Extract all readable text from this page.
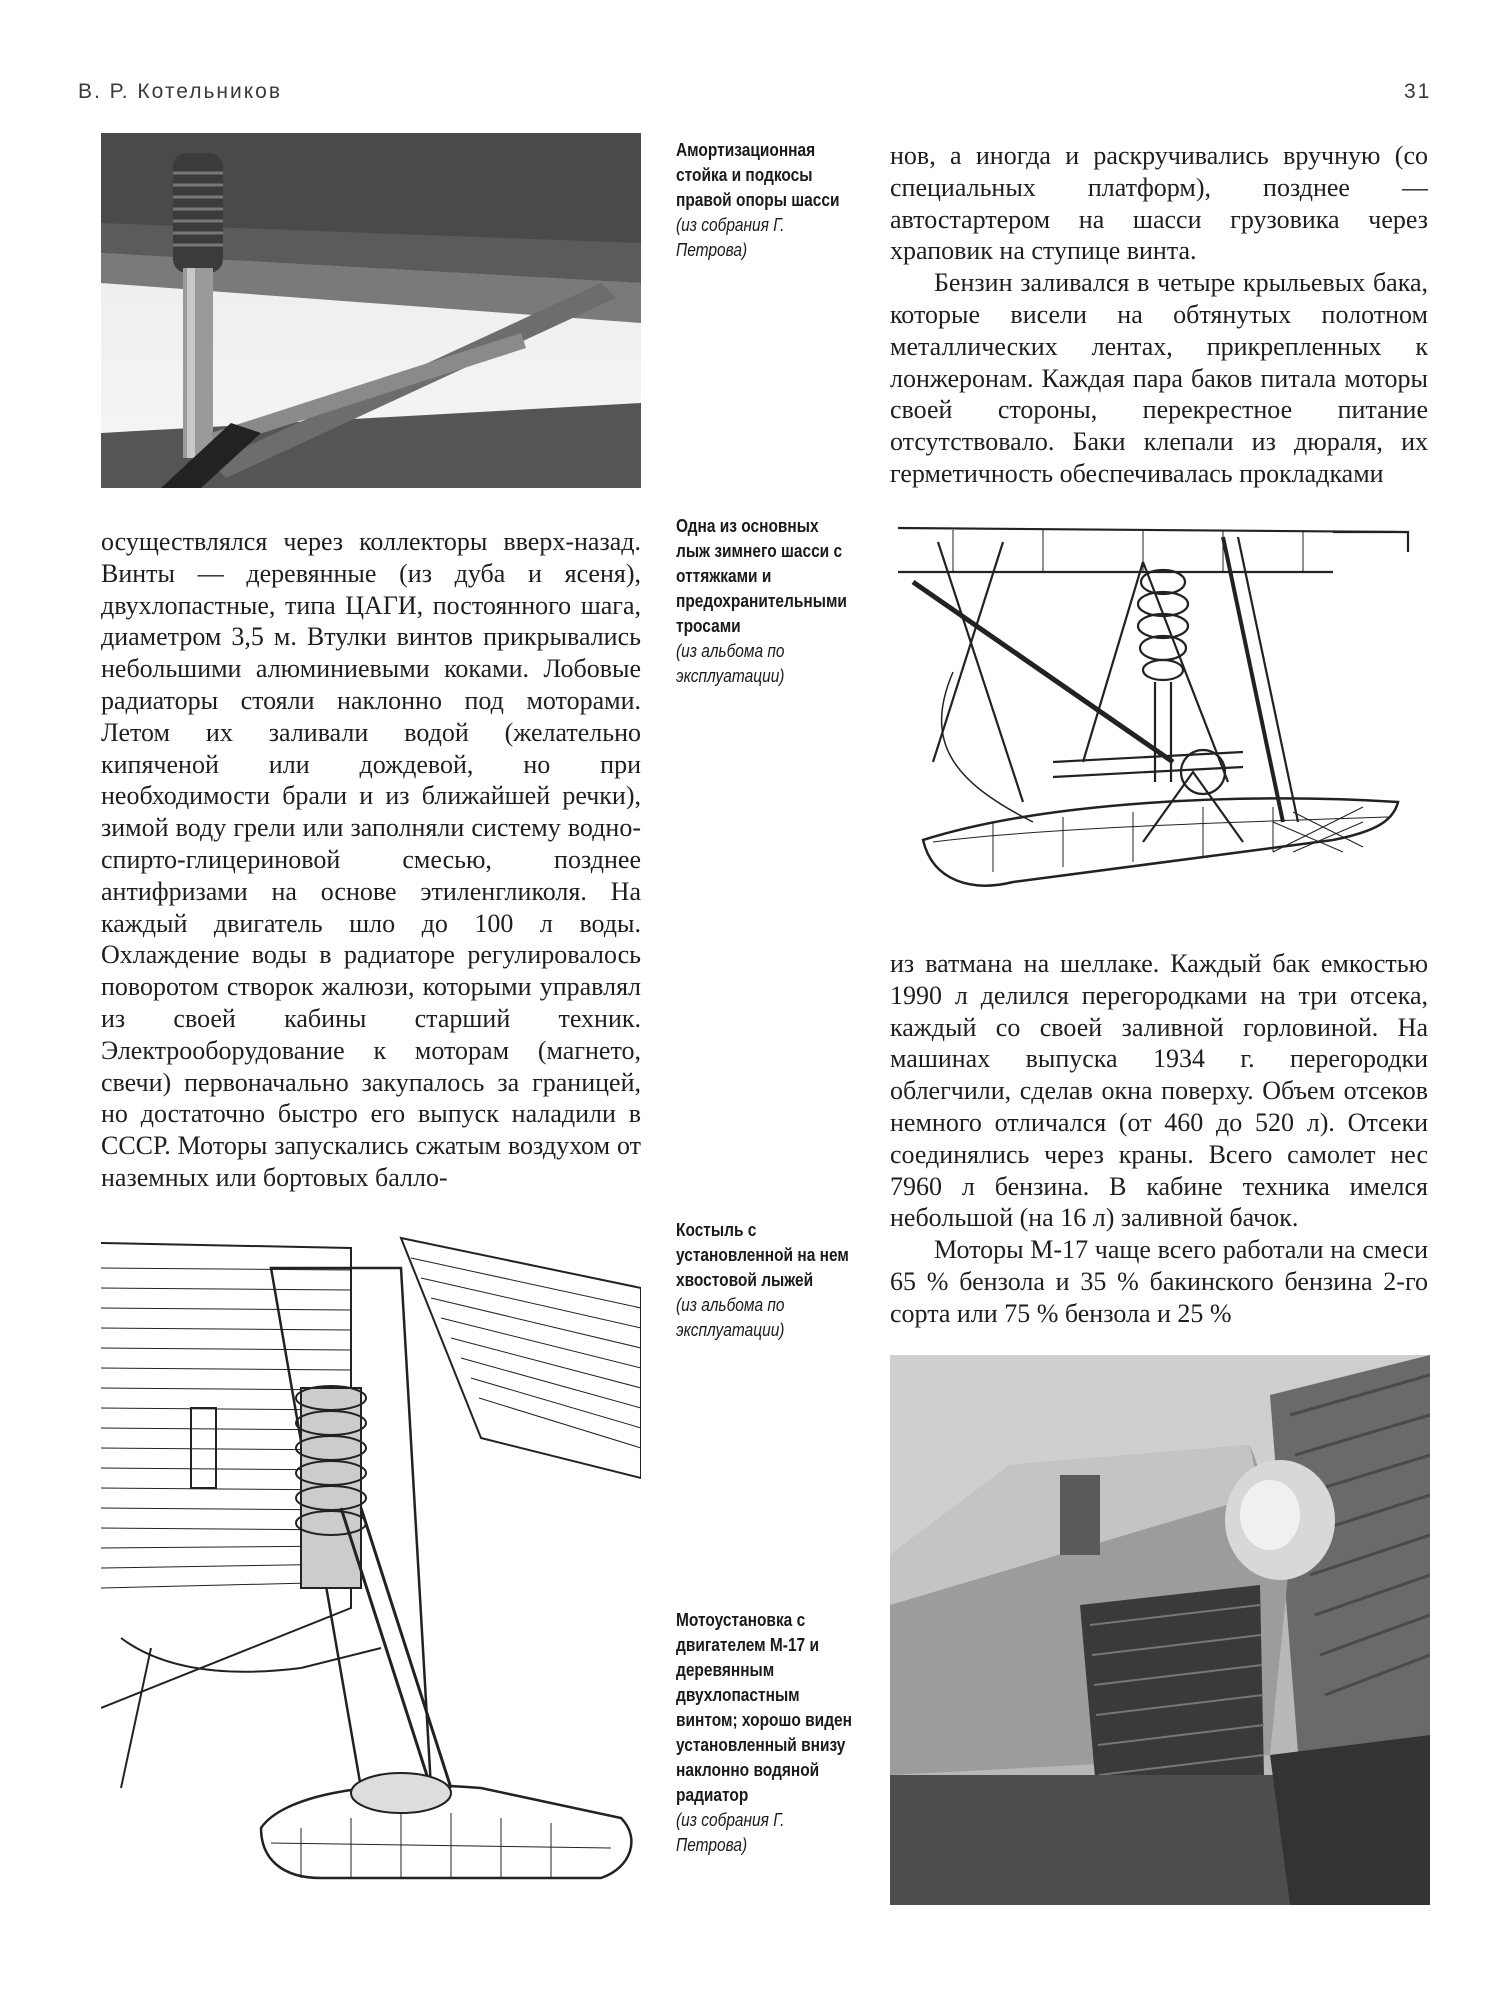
В. Р. Котельников	31
Амортизационная стойка и подкосы правой опоры шасси
(из собрания Г. Петрова)

нов, а иногда и раскручивались вручную (со специальных платформ), позднее — автостартером на шасси грузовика через храповик на ступице винта.

Бензин заливался в четыре крыльевых бака, которые висели на обтянутых полотном металлических лентах, прикрепленных к лонжеронам. Каждая пара баков питала моторы своей стороны, перекрестное питание отсутствовало. Баки клепали из дюраля, их герметичность обеспечивалась прокладками

Одна из основных лыж зимнего шасси с оттяжками и предохранительными тросами
(из альбома по эксплуатации)

осуществлялся через коллекторы вверх-назад. Винты — деревянные (из дуба и ясеня), двухлопастные, типа ЦАГИ, постоянного шага, диаметром 3,5 м. Втулки винтов прикрывались небольшими алюминиевыми коками. Лобовые радиаторы стояли наклонно под моторами. Летом их заливали водой (желательно кипяченой или дождевой, но при необходимости брали и из ближайшей речки), зимой воду грели или заполняли систему водно-спирто-глицериновой смесью, позднее антифризами на основе этиленгликоля. На каждый двигатель шло до 100 л воды. Охлаждение воды в радиаторе регулировалось поворотом створок жалюзи, которыми управлял из своей кабины старший техник. Электрооборудование к моторам (магнето, свечи) первоначально закупалось за границей, но достаточно быстро его выпуск наладили в СССР. Моторы запускались сжатым воздухом от наземных или бортовых балло-

из ватмана на шеллаке. Каждый бак емкостью 1990 л делился перегородками на три отсека, каждый со своей заливной горловиной. На машинах выпуска 1934 г. перегородки облегчили, сделав окна поверху. Объем отсеков немного отличался (от 460 до 520 л). Отсеки соединялись через краны. Всего самолет нес 7960 л бензина. В кабине техника имелся небольшой (на 16 л) заливной бачок.

Моторы М-17 чаще всего работали на смеси 65 % бензола и 35 % бакинского бензина 2-го сорта или 75 % бензола и 25 %

Костыль с установленной на нем хвостовой лыжей
(из альбома по эксплуатации)
Мотоустановка с двигателем М-17 и деревянным двухлопастным винтом; хорошо виден установленный внизу наклонно водяной радиатор
(из собрания Г. Петрова)
